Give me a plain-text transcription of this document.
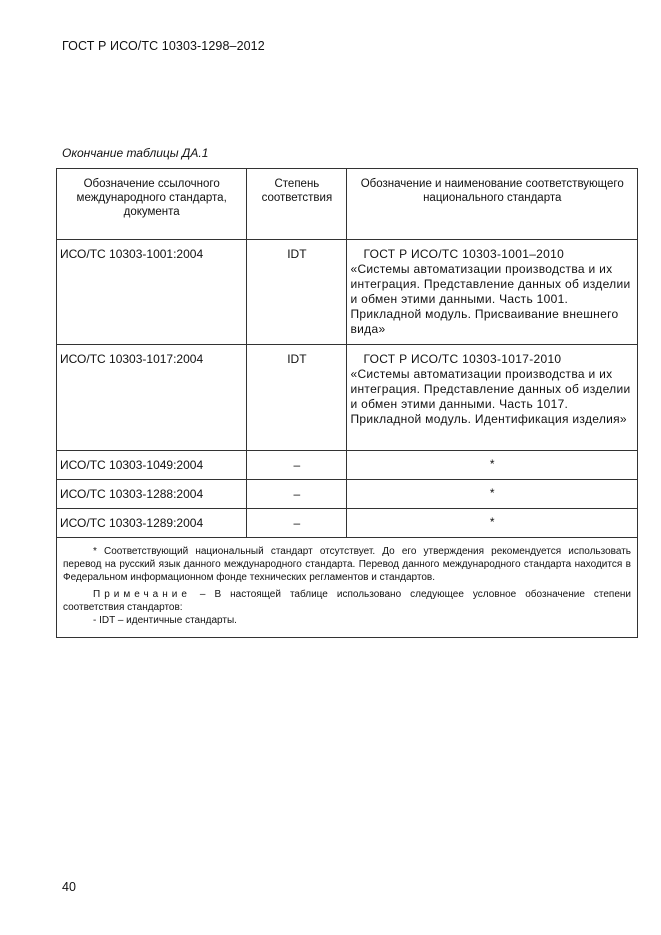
ГОСТ Р ИСО/ТС 10303-1298–2012
Окончание таблицы ДА.1
Обозначение ссылочного международного стандарта, документа	Степень соответствия	Обозначение и наименование соответствующего национального стандарта
ИСО/ТС 10303-1001:2004	IDT	ГОСТ Р ИСО/ТС 10303-1001–2010
«Системы автоматизации производства и их интеграция. Представление данных об изделии и обмен этими данными. Часть 1001. Прикладной модуль. Присваивание внешнего вида»
ИСО/ТС 10303-1017:2004	IDT	ГОСТ Р ИСО/ТС 10303-1017-2010
«Системы автоматизации производства и их интеграция. Представление данных об изделии и обмен этими данными. Часть 1017. Прикладной модуль. Идентификация изделия»
ИСО/ТС 10303-1049:2004	–	*
ИСО/ТС 10303-1288:2004	–	*
ИСО/ТС 10303-1289:2004	–	*

* Соответствующий национальный стандарт отсутствует. До его утверждения рекомендуется использовать перевод на русский язык данного международного стандарта. Перевод данного международного стандарта находится в Федеральном информационном фонде технических регламентов и стандартов.

Примечание – В настоящей таблице использовано следующее условное обозначение степени соответствия стандартов:

- IDT – идентичные стандарты.		

40
